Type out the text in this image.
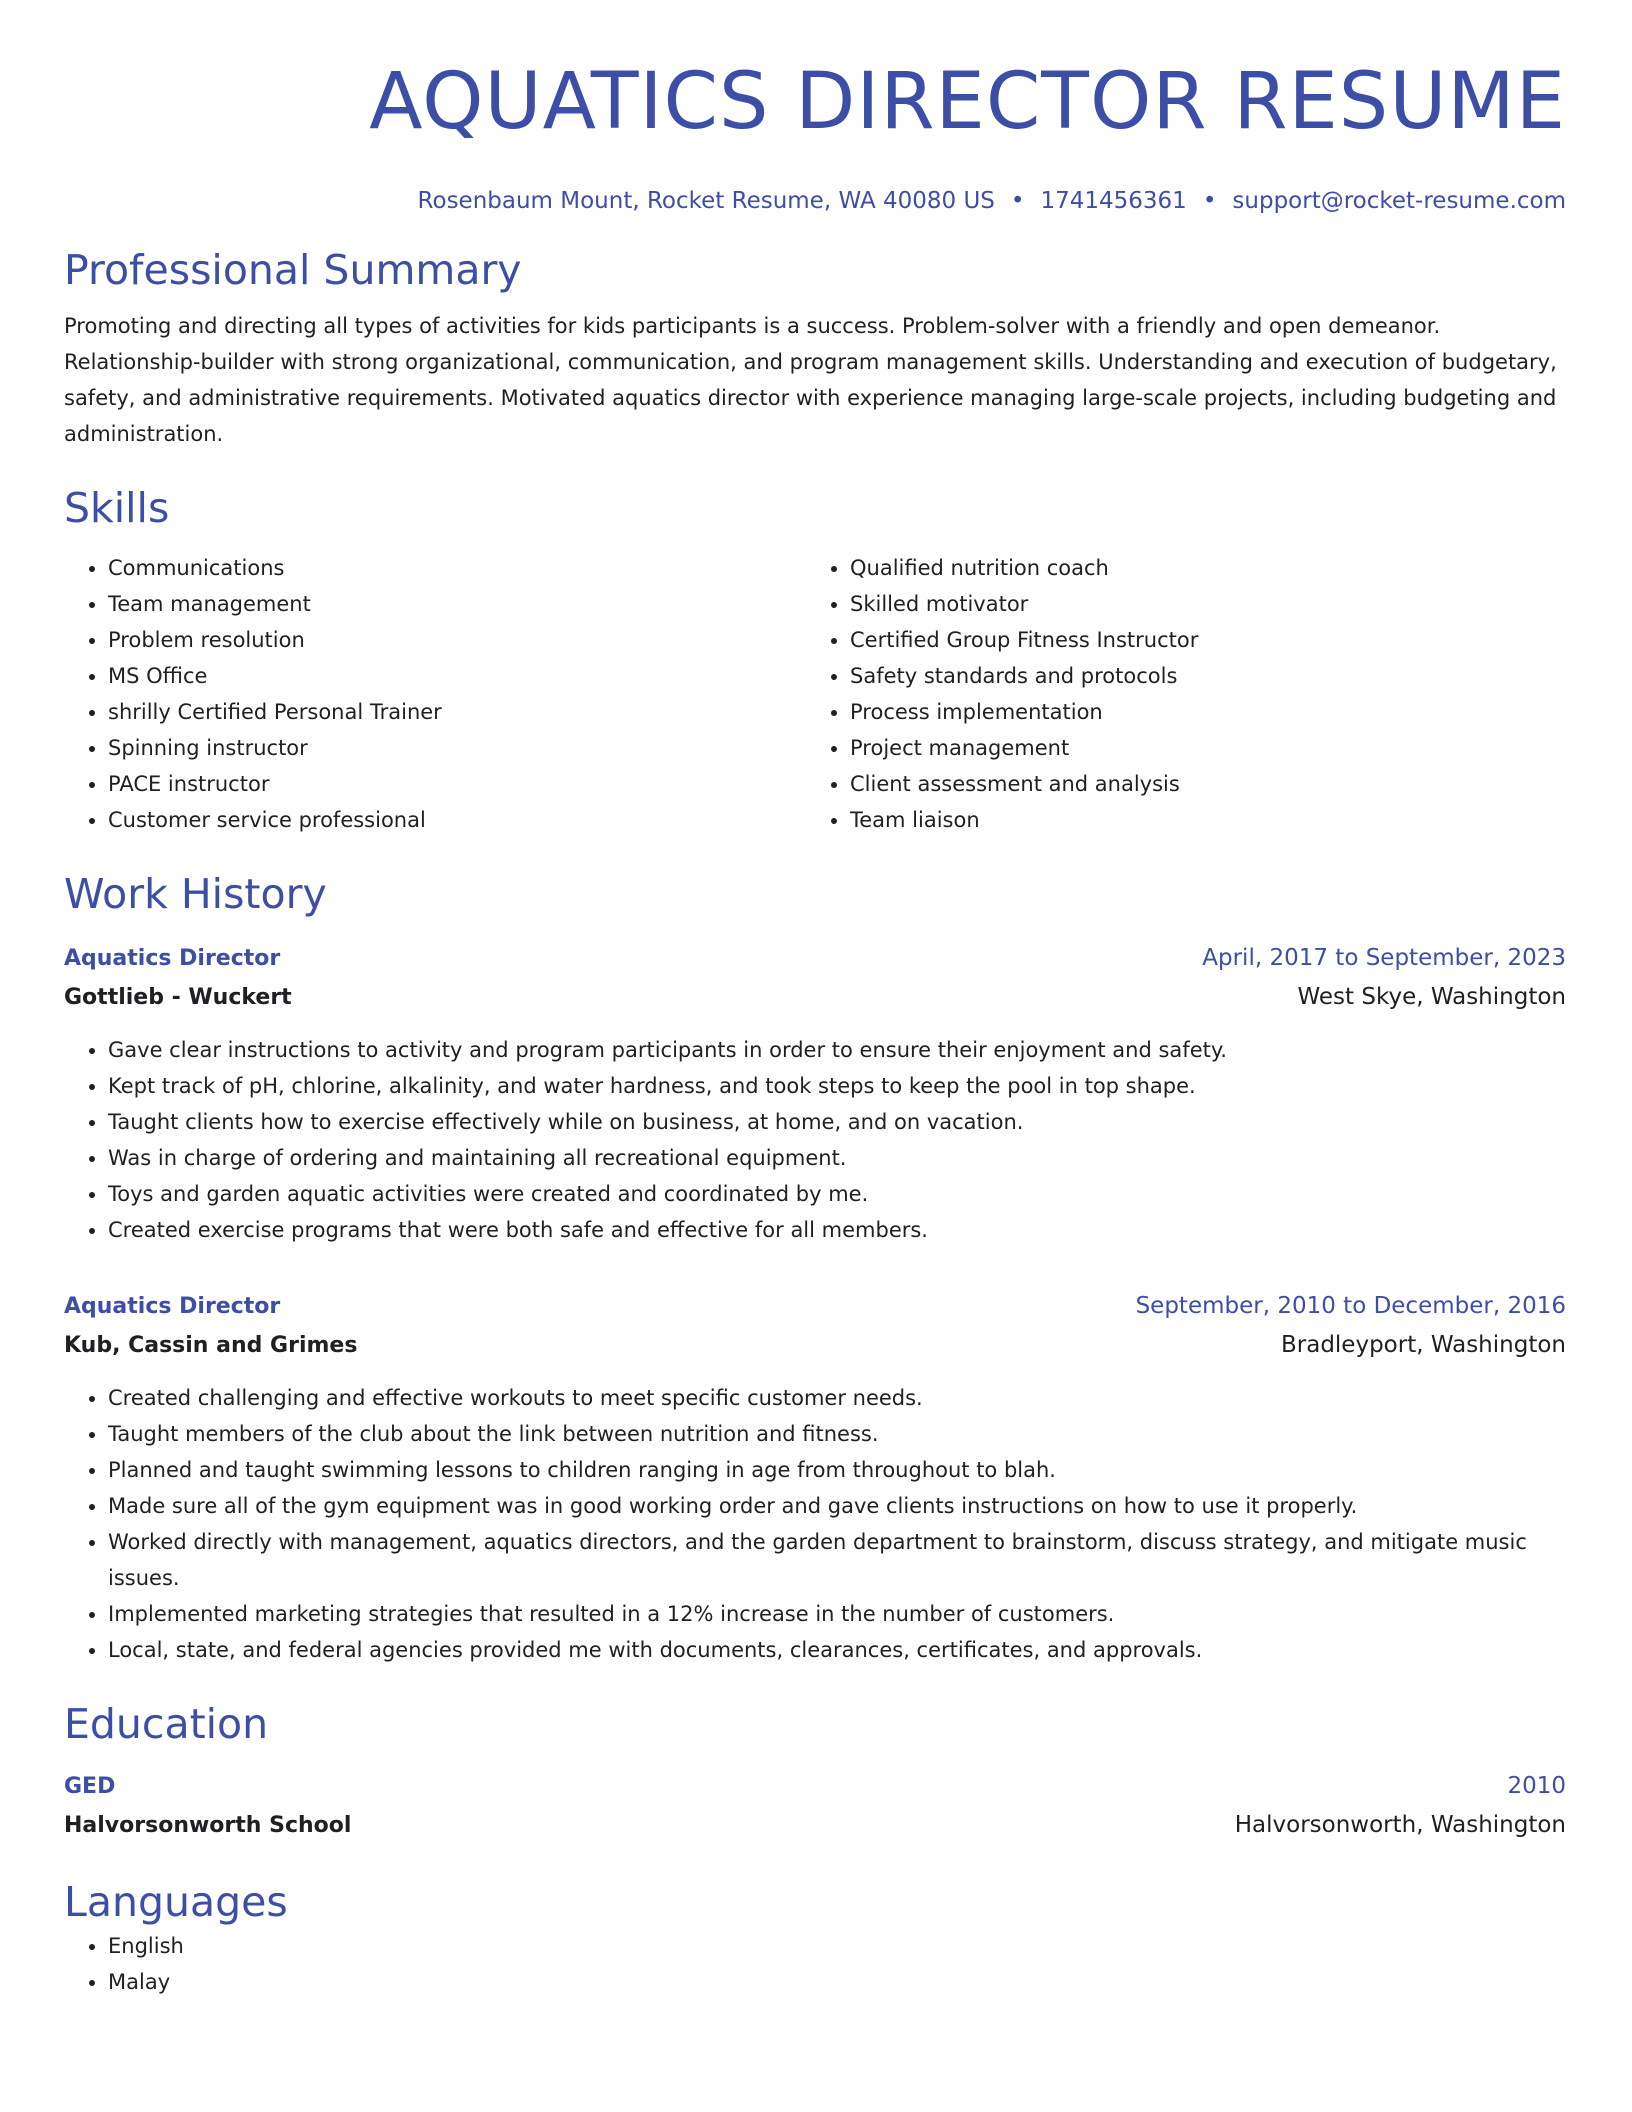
AQUATICS DIRECTOR RESUME
Rosenbaum Mount, Rocket Resume, WA 40080 US • 1741456361 • support@rocket-resume.com
Professional Summary

Promoting and directing all types of activities for kids participants is a success. Problem-solver with a friendly and open demeanor. Relationship-builder with strong organizational, communication, and program management skills. Understanding and execution of budgetary, safety, and administrative requirements. Motivated aquatics director with experience managing large-scale projects, including budgeting and administration.

Skills
• Communications
• Team management
• Problem resolution
• MS Office
• shrilly Certified Personal Trainer
• Spinning instructor
• PACE instructor
• Customer service professional
• Qualified nutrition coach
• Skilled motivator
• Certified Group Fitness Instructor
• Safety standards and protocols
• Process implementation
• Project management
• Client assessment and analysis
• Team liaison
Work History
Aquatics Director	April, 2017 to September, 2023
Gottlieb - Wuckert	West Skye, Washington
• Gave clear instructions to activity and program participants in order to ensure their enjoyment and safety.
• Kept track of pH, chlorine, alkalinity, and water hardness, and took steps to keep the pool in top shape.
• Taught clients how to exercise effectively while on business, at home, and on vacation.
• Was in charge of ordering and maintaining all recreational equipment.
• Toys and garden aquatic activities were created and coordinated by me.
• Created exercise programs that were both safe and effective for all members.
Aquatics Director	September, 2010 to December, 2016
Kub, Cassin and Grimes	Bradleyport, Washington
• Created challenging and effective workouts to meet specific customer needs.
• Taught members of the club about the link between nutrition and fitness.
• Planned and taught swimming lessons to children ranging in age from throughout to blah.
• Made sure all of the gym equipment was in good working order and gave clients instructions on how to use it properly.
• Worked directly with management, aquatics directors, and the garden department to brainstorm, discuss strategy, and mitigate music issues.
• Implemented marketing strategies that resulted in a 12% increase in the number of customers.
• Local, state, and federal agencies provided me with documents, clearances, certificates, and approvals.
Education
GED	2010
Halvorsonworth School	Halvorsonworth, Washington
Languages
• English
• Malay
